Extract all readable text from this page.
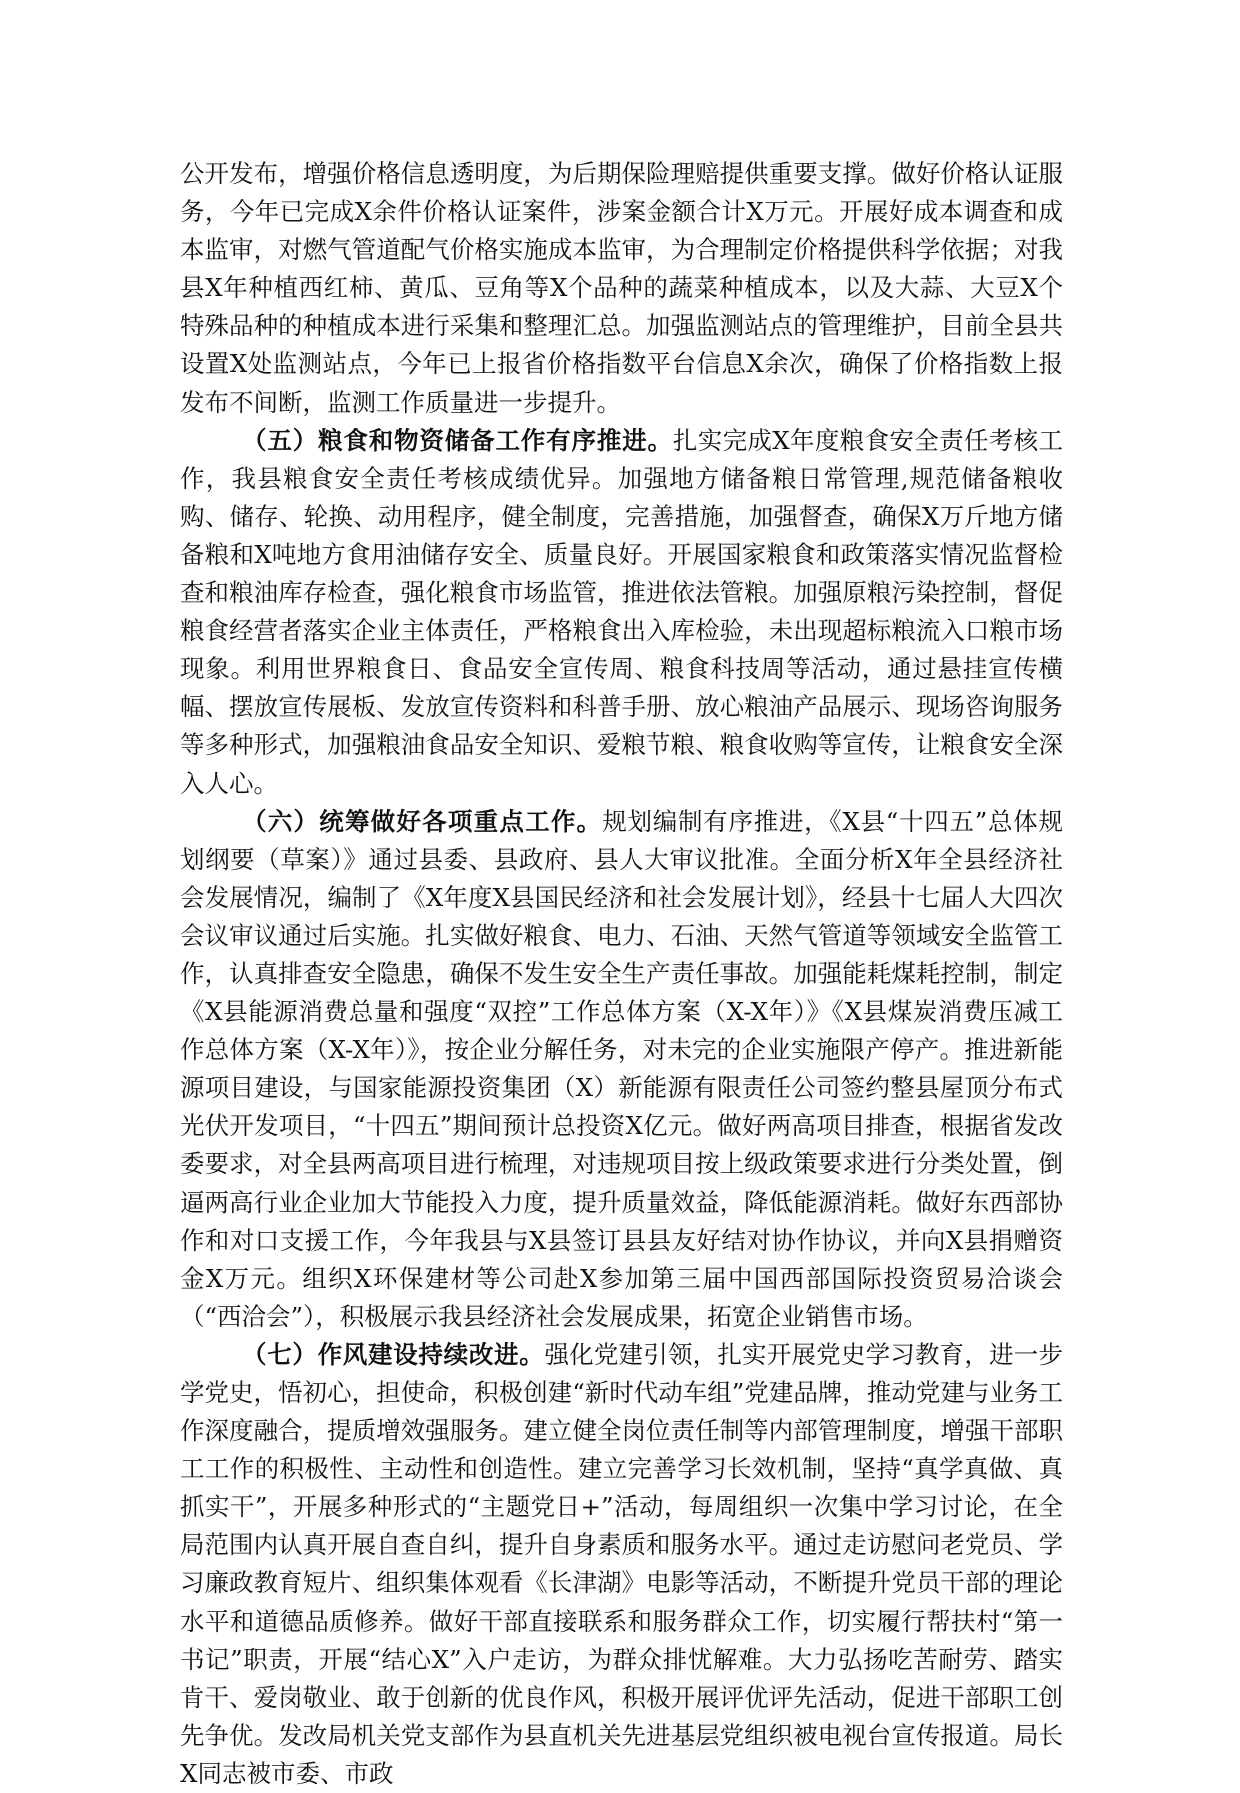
公开发布，增强价格信息透明度，为后期保险理赔提供重要支撑。做好价格认证服务，今年已完成X余件价格认证案件，涉案金额合计X万元。开展好成本调查和成本监审，对燃气管道配气价格实施成本监审，为合理制定价格提供科学依据；对我县X年种植西红柿、黄瓜、豆角等X个品种的蔬菜种植成本，以及大蒜、大豆X个特殊品种的种植成本进行采集和整理汇总。加强监测站点的管理维护，目前全县共设置X处监测站点，今年已上报省价格指数平台信息X余次，确保了价格指数上报发布不间断，监测工作质量进一步提升。

（五）粮食和物资储备工作有序推进。扎实完成X年度粮食安全责任考核工作，我县粮食安全责任考核成绩优异。加强地方储备粮日常管理,规范储备粮收购、储存、轮换、动用程序，健全制度，完善措施，加强督查，确保X万斤地方储备粮和X吨地方食用油储存安全、质量良好。开展国家粮食和政策落实情况监督检查和粮油库存检查，强化粮食市场监管，推进依法管粮。加强原粮污染控制，督促粮食经营者落实企业主体责任，严格粮食出入库检验，未出现超标粮流入口粮市场现象。利用世界粮食日、食品安全宣传周、粮食科技周等活动，通过悬挂宣传横幅、摆放宣传展板、发放宣传资料和科普手册、放心粮油产品展示、现场咨询服务等多种形式，加强粮油食品安全知识、爱粮节粮、粮食收购等宣传，让粮食安全深入人心。

（六）统筹做好各项重点工作。规划编制有序推进，《X县“十四五”总体规划纲要（草案）》通过县委、县政府、县人大审议批准。全面分析X年全县经济社会发展情况，编制了《X年度X县国民经济和社会发展计划》，经县十七届人大四次会议审议通过后实施。扎实做好粮食、电力、石油、天然气管道等领域安全监管工作，认真排查安全隐患，确保不发生安全生产责任事故。加强能耗煤耗控制，制定《X县能源消费总量和强度“双控”工作总体方案（X-X年）》《X县煤炭消费压减工作总体方案（X-X年）》，按企业分解任务，对未完的企业实施限产停产。推进新能源项目建设，与国家能源投资集团（X）新能源有限责任公司签约整县屋顶分布式光伏开发项目，“十四五”期间预计总投资X亿元。做好两高项目排查，根据省发改委要求，对全县两高项目进行梳理，对违规项目按上级政策要求进行分类处置，倒逼两高行业企业加大节能投入力度，提升质量效益，降低能源消耗。做好东西部协作和对口支援工作，今年我县与X县签订县县友好结对协作协议，并向X县捐赠资金X万元。组织X环保建材等公司赴X参加第三届中国西部国际投资贸易洽谈会（“西洽会”），积极展示我县经济社会发展成果，拓宽企业销售市场。

（七）作风建设持续改进。强化党建引领，扎实开展党史学习教育，进一步学党史，悟初心，担使命，积极创建“新时代动车组”党建品牌，推动党建与业务工作深度融合，提质增效强服务。建立健全岗位责任制等内部管理制度，增强干部职工工作的积极性、主动性和创造性。建立完善学习长效机制，坚持“真学真做、真抓实干”，开展多种形式的“主题党日+”活动，每周组织一次集中学习讨论，在全局范围内认真开展自查自纠，提升自身素质和服务水平。通过走访慰问老党员、学习廉政教育短片、组织集体观看《长津湖》电影等活动，不断提升党员干部的理论水平和道德品质修养。做好干部直接联系和服务群众工作，切实履行帮扶村“第一书记”职责，开展“结心X”入户走访，为群众排忧解难。大力弘扬吃苦耐劳、踏实肯干、爱岗敬业、敢于创新的优良作风，积极开展评优评先活动，促进干部职工创先争优。发改局机关党支部作为县直机关先进基层党组织被电视台宣传报道。局长X同志被市委、市政
